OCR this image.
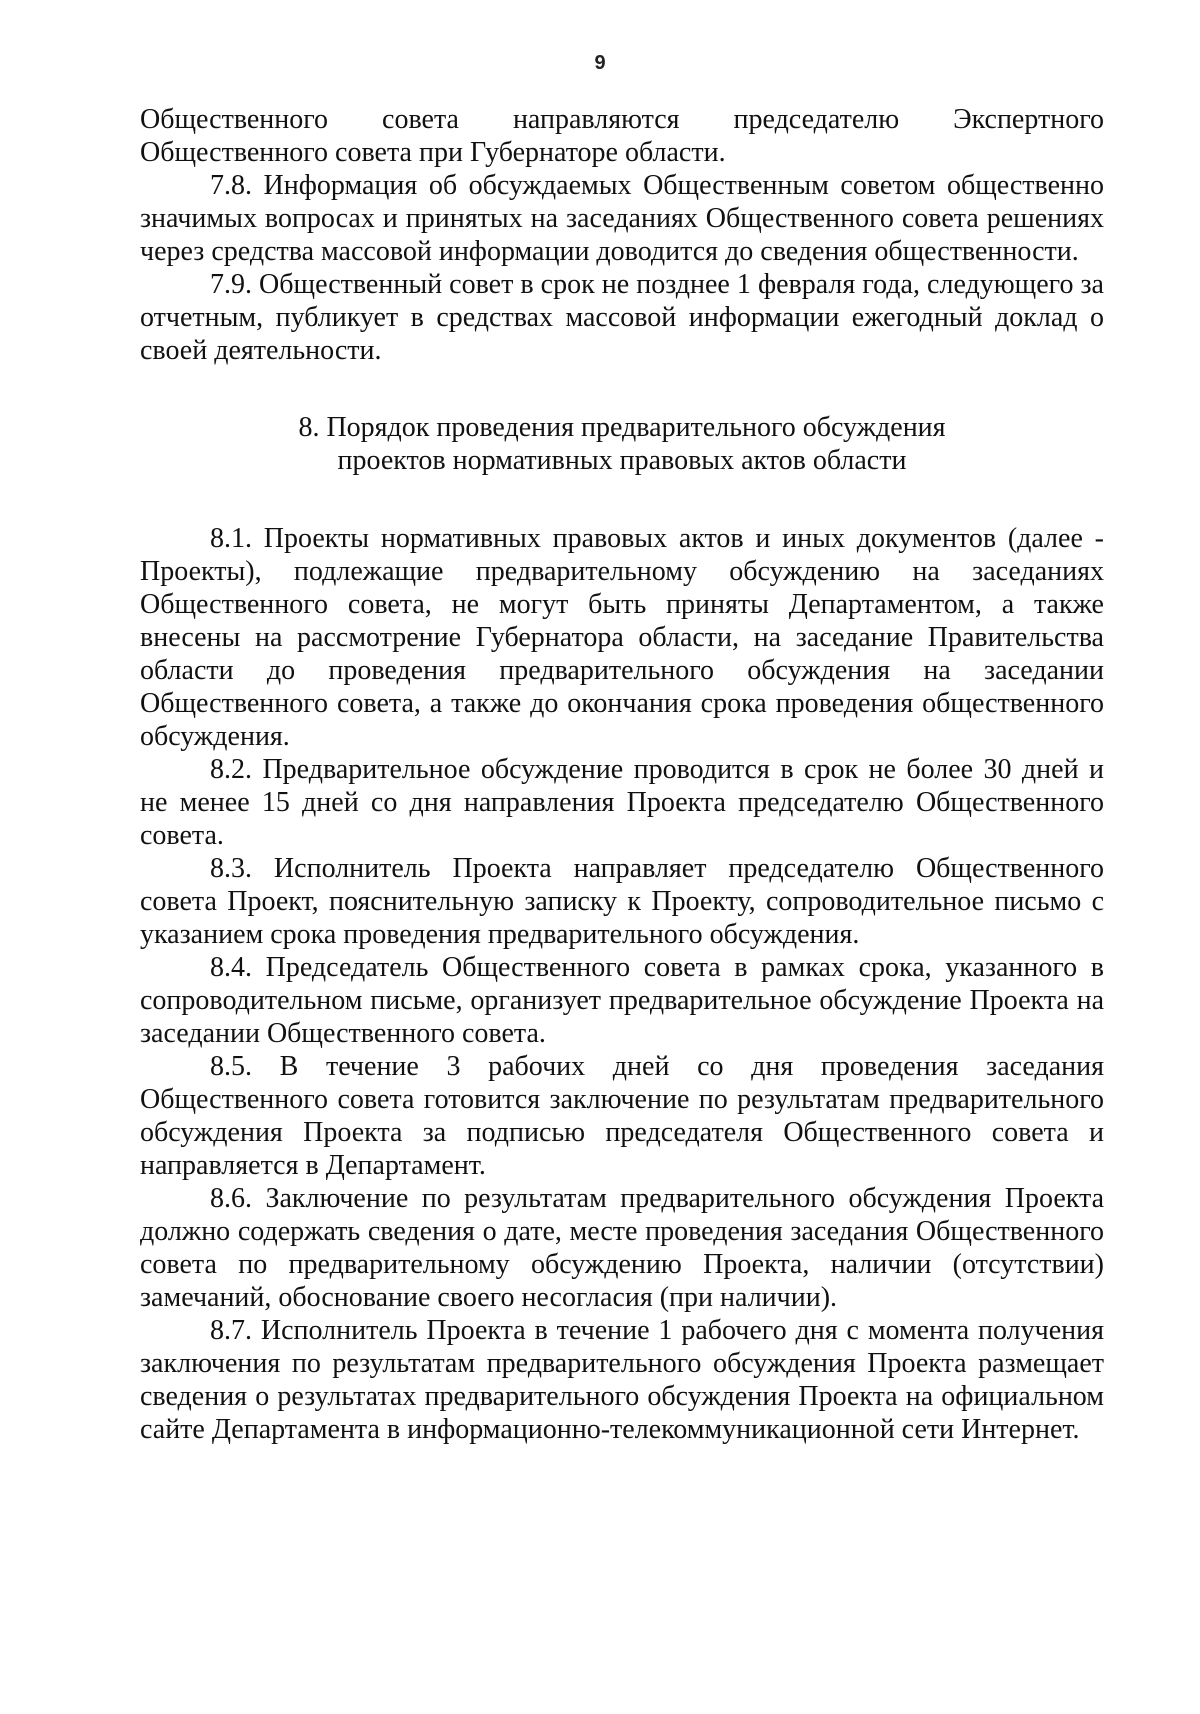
9

Общественного совета направляются председателю Экспертного Общественного совета при Губернаторе области.

7.8. Информация об обсуждаемых Общественным советом общественно значимых вопросах и принятых на заседаниях Общественного совета решениях через средства массовой информации доводится до сведения общественности.

7.9. Общественный совет в срок не позднее 1 февраля года, следующего за отчетным, публикует в средствах массовой информации ежегодный доклад о своей деятельности.

8. Порядок проведения предварительного обсуждения
проектов нормативных правовых актов области

8.1. Проекты нормативных правовых актов и иных документов (далее - Проекты), подлежащие предварительному обсуждению на заседаниях Общественного совета, не могут быть приняты Департаментом, а также внесены на рассмотрение Губернатора области, на заседание Правительства области до проведения предварительного обсуждения на заседании Общественного совета, а также до окончания срока проведения общественного обсуждения.

8.2. Предварительное обсуждение проводится в срок не более 30 дней и не менее 15 дней со дня направления Проекта председателю Общественного совета.

8.3. Исполнитель Проекта направляет председателю Общественного совета Проект, пояснительную записку к Проекту, сопроводительное письмо с указанием срока проведения предварительного обсуждения.

8.4. Председатель Общественного совета в рамках срока, указанного в сопроводительном письме, организует предварительное обсуждение Проекта на заседании Общественного совета.

8.5. В течение 3 рабочих дней со дня проведения заседания Общественного совета готовится заключение по результатам предварительного обсуждения Проекта за подписью председателя Общественного совета и направляется в Департамент.

8.6. Заключение по результатам предварительного обсуждения Проекта должно содержать сведения о дате, месте проведения заседания Общественного совета по предварительному обсуждению Проекта, наличии (отсутствии) замечаний, обоснование своего несогласия (при наличии).

8.7. Исполнитель Проекта в течение 1 рабочего дня с момента получения заключения по результатам предварительного обсуждения Проекта размещает сведения о результатах предварительного обсуждения Проекта на официальном сайте Департамента в информационно-телекоммуникационной сети Интернет.
